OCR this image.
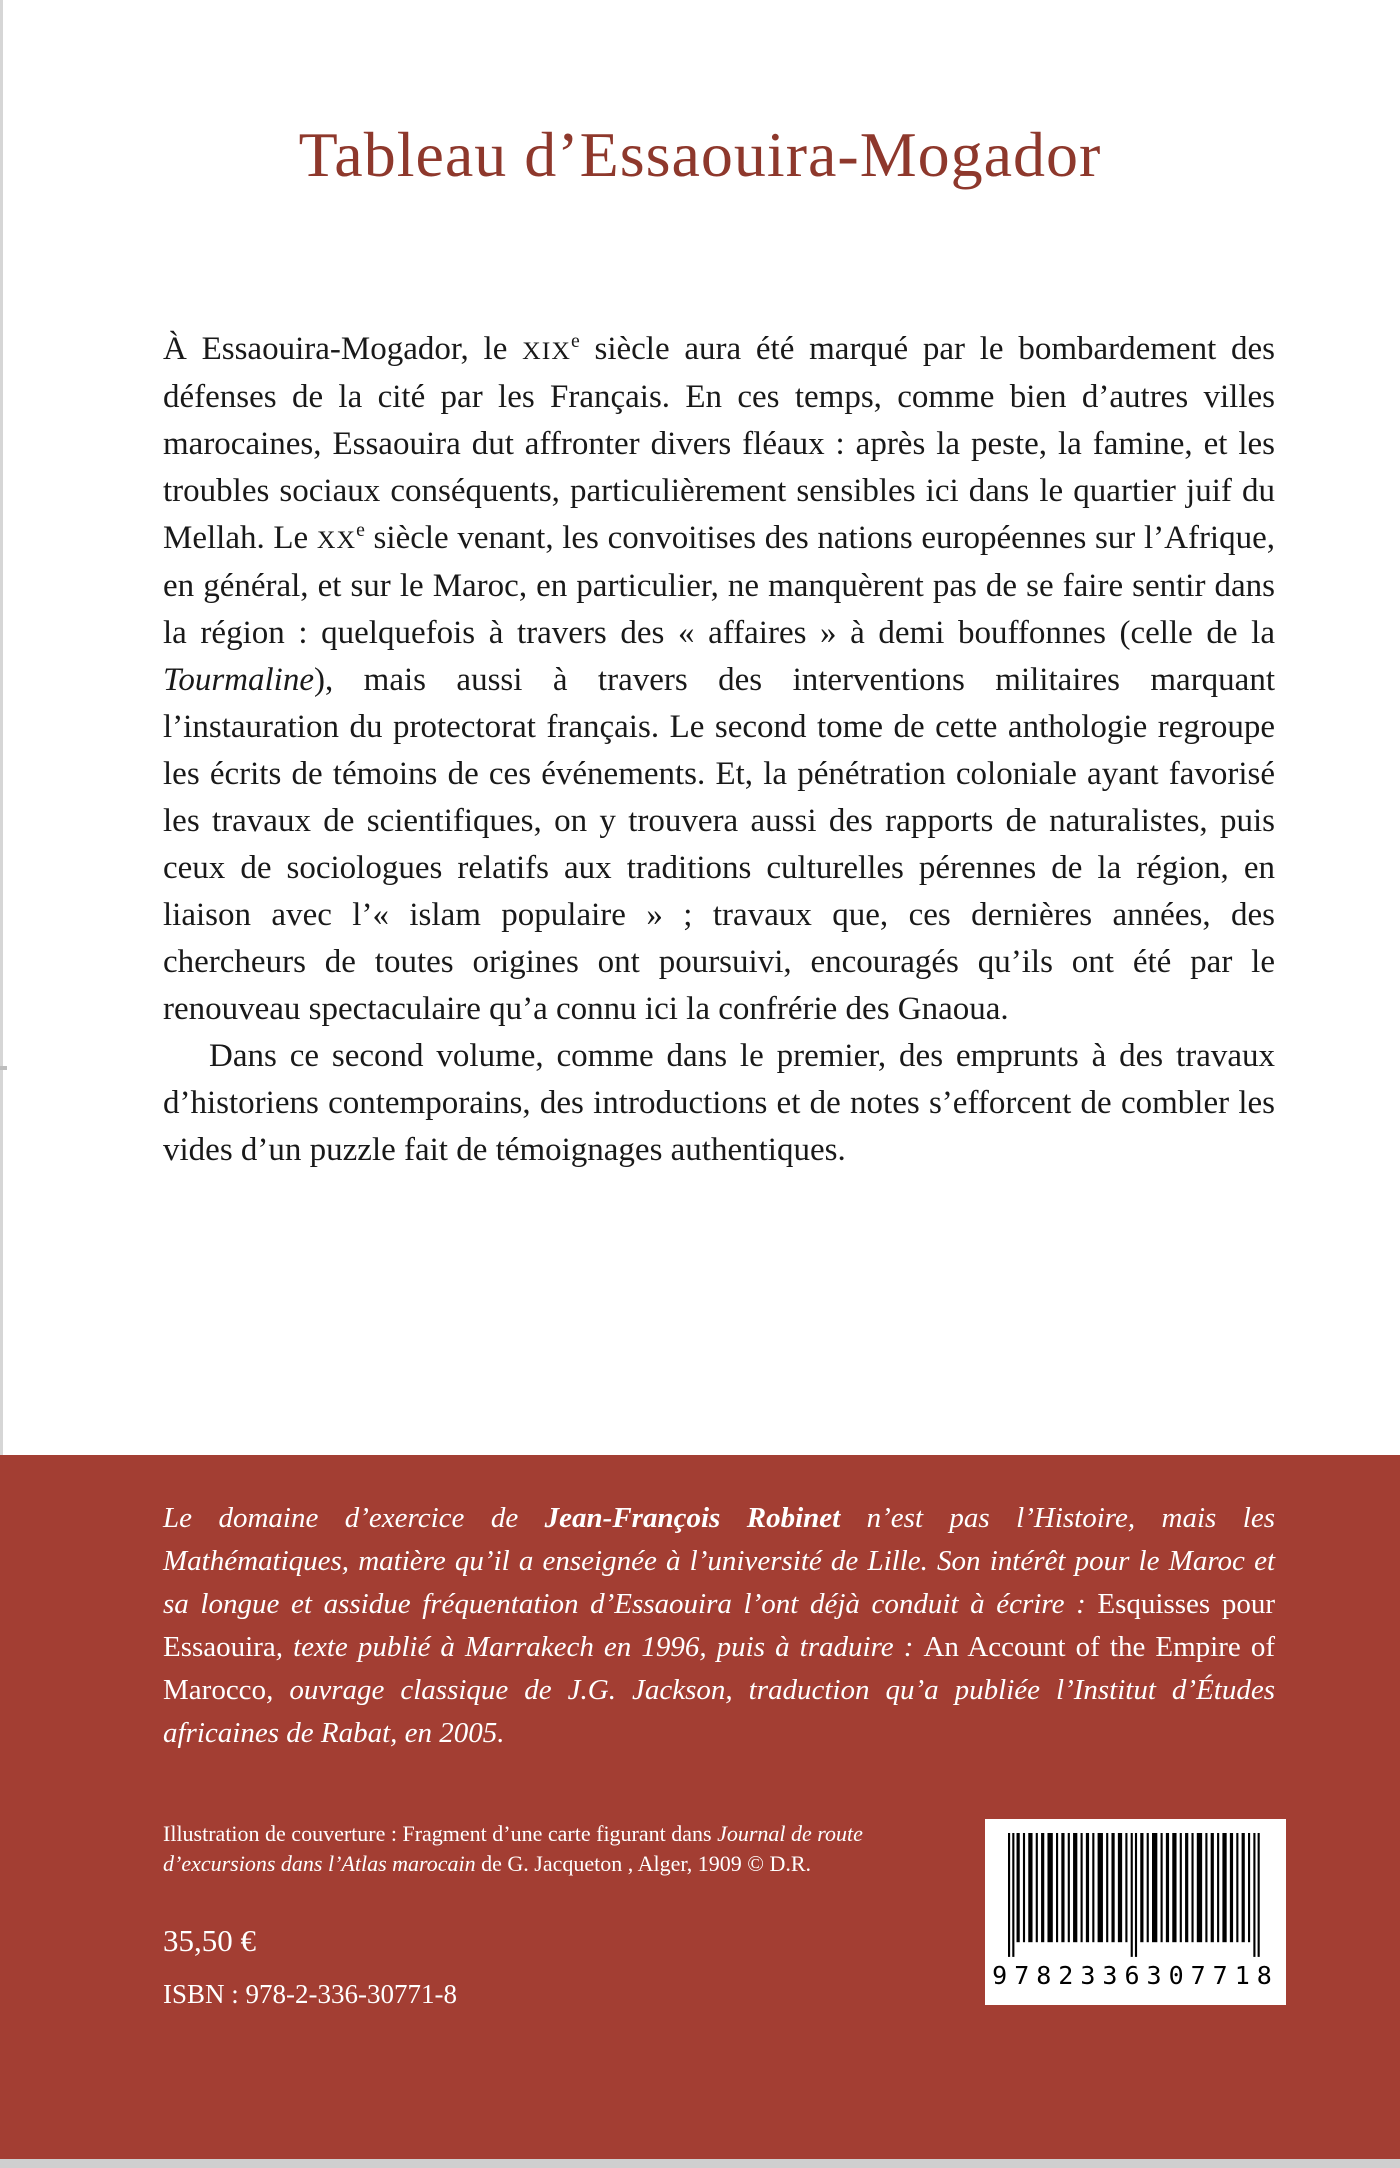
Tableau d’Essaouira-Mogador

À Essaouira-Mogador, le XIXe siècle aura été marqué par le bombardement des défenses de la cité par les Français. En ces temps, comme bien d’autres villes marocaines, Essaouira dut affronter divers fléaux : après la peste, la famine, et les troubles sociaux conséquents, particulièrement sensibles ici dans le quartier juif du Mellah. Le XXe siècle venant, les convoitises des nations européennes sur l’Afrique, en général, et sur le Maroc, en particulier, ne manquèrent pas de se faire sentir dans la région : quelquefois à travers des « affaires » à demi bouffonnes (celle de la Tourmaline), mais aussi à travers des interventions militaires marquant l’instauration du protectorat français. Le second tome de cette anthologie regroupe les écrits de témoins de ces événements. Et, la pénétration coloniale ayant favorisé les travaux de scientifiques, on y trouvera aussi des rapports de naturalistes, puis ceux de sociologues relatifs aux traditions culturelles pérennes de la région, en liaison avec l’« islam populaire » ; travaux que, ces dernières années, des chercheurs de toutes origines ont poursuivi, encouragés qu’ils ont été par le renouveau spectaculaire qu’a connu ici la confrérie des Gnaoua.

Dans ce second volume, comme dans le premier, des emprunts à des travaux d’historiens contemporains, des introductions et de notes s’efforcent de combler les vides d’un puzzle fait de témoignages authentiques.

Le domaine d’exercice de Jean-François Robinet n’est pas l’Histoire, mais les Mathématiques, matière qu’il a enseignée à l’université de Lille. Son intérêt pour le Maroc et sa longue et assidue fréquentation d’Essaouira l’ont déjà conduit à écrire : Esquisses pour Essaouira, texte publié à Marrakech en 1996, puis à traduire : An Account of the Empire of Marocco, ouvrage classique de J.G. Jackson, traduction qu’a publiée l’Institut d’Études africaines de Rabat, en 2005.

Illustration de couverture : Fragment d’une carte figurant dans Journal de route d’excursions dans l’Atlas marocain de G. Jacqueton , Alger, 1909 © D.R.

35,50 €
ISBN : 978-2-336-30771-8
9782336307718
